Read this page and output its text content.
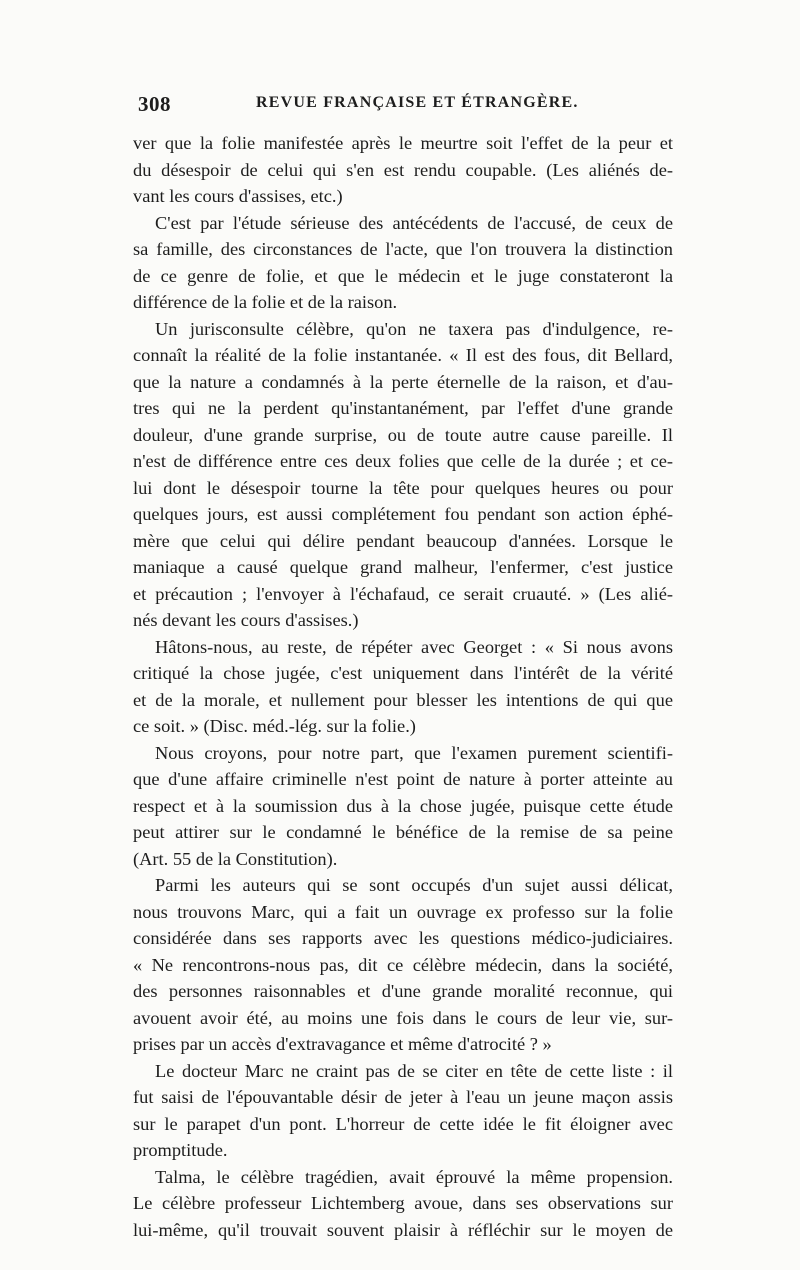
308	REVUE FRANÇAISE ET ÉTRANGÈRE.

ver que la folie manifestée après le meurtre soit l'effet de la peur et
du désespoir de celui qui s'en est rendu coupable. (Les aliénés de-
vant les cours d'assises, etc.)

C'est par l'étude sérieuse des antécédents de l'accusé, de ceux de
sa famille, des circonstances de l'acte, que l'on trouvera la distinction
de ce genre de folie, et que le médecin et le juge constateront la
différence de la folie et de la raison.

Un jurisconsulte célèbre, qu'on ne taxera pas d'indulgence, re-
connaît la réalité de la folie instantanée. « Il est des fous, dit Bellard,
que la nature a condamnés à la perte éternelle de la raison, et d'au-
tres qui ne la perdent qu'instantanément, par l'effet d'une grande
douleur, d'une grande surprise, ou de toute autre cause pareille. Il
n'est de différence entre ces deux folies que celle de la durée ; et ce-
lui dont le désespoir tourne la tête pour quelques heures ou pour
quelques jours, est aussi complétement fou pendant son action éphé-
mère que celui qui délire pendant beaucoup d'années. Lorsque le
maniaque a causé quelque grand malheur, l'enfermer, c'est justice
et précaution ; l'envoyer à l'échafaud, ce serait cruauté. » (Les alié-
nés devant les cours d'assises.)

Hâtons-nous, au reste, de répéter avec Georget : « Si nous avons
critiqué la chose jugée, c'est uniquement dans l'intérêt de la vérité
et de la morale, et nullement pour blesser les intentions de qui que
ce soit. » (Disc. méd.-lég. sur la folie.)

Nous croyons, pour notre part, que l'examen purement scientifi-
que d'une affaire criminelle n'est point de nature à porter atteinte au
respect et à la soumission dus à la chose jugée, puisque cette étude
peut attirer sur le condamné le bénéfice de la remise de sa peine
(Art. 55 de la Constitution).

Parmi les auteurs qui se sont occupés d'un sujet aussi délicat,
nous trouvons Marc, qui a fait un ouvrage ex professo sur la folie
considérée dans ses rapports avec les questions médico-judiciaires.
« Ne rencontrons-nous pas, dit ce célèbre médecin, dans la société,
des personnes raisonnables et d'une grande moralité reconnue, qui
avouent avoir été, au moins une fois dans le cours de leur vie, sur-
prises par un accès d'extravagance et même d'atrocité ? »

Le docteur Marc ne craint pas de se citer en tête de cette liste : il
fut saisi de l'épouvantable désir de jeter à l'eau un jeune maçon assis
sur le parapet d'un pont. L'horreur de cette idée le fit éloigner avec
promptitude.

Talma, le célèbre tragédien, avait éprouvé la même propension.
Le célèbre professeur Lichtemberg avoue, dans ses observations sur
lui-même, qu'il trouvait souvent plaisir à réfléchir sur le moyen de
